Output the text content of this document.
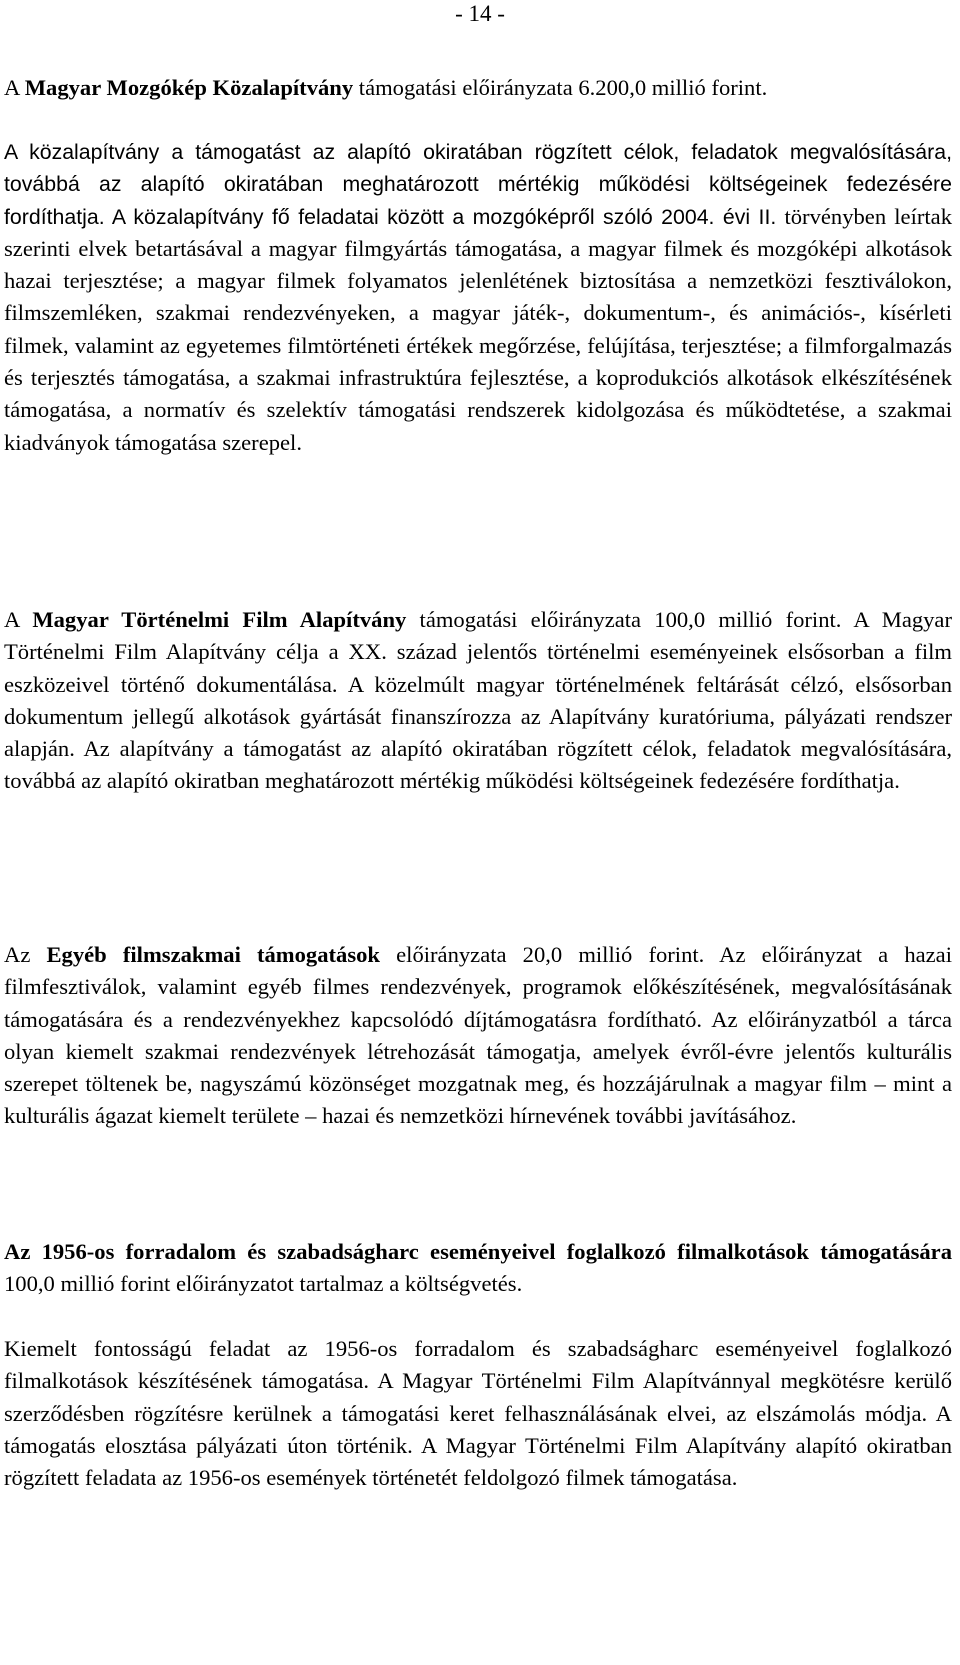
- 14 -

A Magyar Mozgókép Közalapítvány támogatási előirányzata 6.200,0 millió forint.

A közalapítvány a támogatást az alapító okiratában rögzített célok, feladatok megvalósítására, továbbá az alapító okiratában meghatározott mértékig működési költségeinek fedezésére fordíthatja. A közalapítvány fő feladatai között a mozgóképről szóló 2004. évi II. törvényben leírtak szerinti elvek betartásával a magyar filmgyártás támogatása, a magyar filmek és mozgóképi alkotások hazai terjesztése; a magyar filmek folyamatos jelenlétének biztosítása a nemzetközi fesztiválokon, filmszemléken, szakmai rendezvényeken, a magyar játék-, dokumentum-, és animációs-, kísérleti filmek, valamint az egyetemes filmtörténeti értékek megőrzése, felújítása, terjesztése; a filmforgalmazás és terjesztés támogatása, a szakmai infrastruktúra fejlesztése, a koprodukciós alkotások elkészítésének támogatása, a normatív és szelektív támogatási rendszerek kidolgozása és működtetése, a szakmai kiadványok támogatása szerepel.

A Magyar Történelmi Film Alapítvány támogatási előirányzata 100,0 millió forint. A Magyar Történelmi Film Alapítvány célja a XX. század jelentős történelmi eseményeinek elsősorban a film eszközeivel történő dokumentálása. A közelmúlt magyar történelmének feltárását célzó, elsősorban dokumentum jellegű alkotások gyártását finanszírozza az Alapítvány kuratóriuma, pályázati rendszer alapján. Az alapítvány a támogatást az alapító okiratában rögzített célok, feladatok megvalósítására, továbbá az alapító okiratban meghatározott mértékig működési költségeinek fedezésére fordíthatja.

Az Egyéb filmszakmai támogatások előirányzata 20,0 millió forint. Az előirányzat a hazai filmfesztiválok, valamint egyéb filmes rendezvények, programok előkészítésének, megvalósításának támogatására és a rendezvényekhez kapcsolódó díjtámogatásra fordítható. Az előirányzatból a tárca olyan kiemelt szakmai rendezvények létrehozását támogatja, amelyek évről-évre jelentős kulturális szerepet töltenek be, nagyszámú közönséget mozgatnak meg, és hozzájárulnak a magyar film – mint a kulturális ágazat kiemelt területe – hazai és nemzetközi hírnevének további javításához.

Az 1956-os forradalom és szabadságharc eseményeivel foglalkozó filmalkotások támogatására 100,0 millió forint előirányzatot tartalmaz a költségvetés.

Kiemelt fontosságú feladat az 1956-os forradalom és szabadságharc eseményeivel foglalkozó filmalkotások készítésének támogatása. A Magyar Történelmi Film Alapítvánnyal megkötésre kerülő szerződésben rögzítésre kerülnek a támogatási keret felhasználásának elvei, az elszámolás módja. A támogatás elosztása pályázati úton történik. A Magyar Történelmi Film Alapítvány alapító okiratban rögzített feladata az 1956-os események történetét feldolgozó filmek támogatása.
